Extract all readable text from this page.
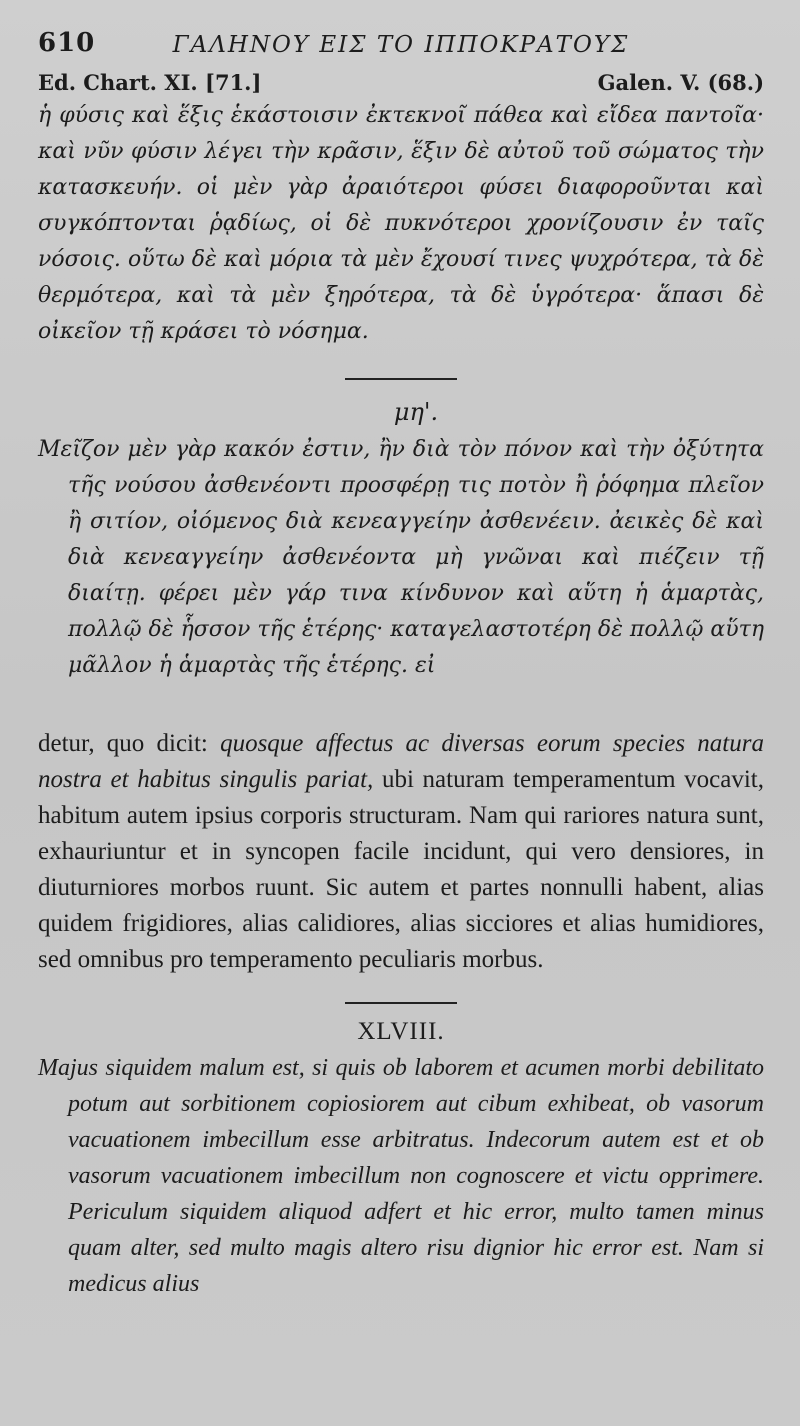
610	ΓΑΛΗΝΟΥ ΕΙΣ ΤΟ ΙΠΠΟΚΡΑΤΟΥΣ
Ed. Chart. XI. [71.]	Galen. V. (68.)

ἡ φύσις καὶ ἕξις ἑκάστοισιν ἐκτεκνοῖ πάθεα καὶ εἴδεα παντοῖα· καὶ νῦν φύσιν λέγει τὴν κρᾶσιν, ἕξιν δὲ αὐτοῦ τοῦ σώματος τὴν κατασκευήν. οἱ μὲν γὰρ ἀραιότεροι φύσει διαφοροῦνται καὶ συγκόπτονται ῥᾳδίως, οἱ δὲ πυκνότεροι χρονίζουσιν ἐν ταῖς νόσοις. οὕτω δὲ καὶ μόρια τὰ μὲν ἔχουσί τινες ψυχρότερα, τὰ δὲ θερμότερα, καὶ τὰ μὲν ξηρότερα, τὰ δὲ ὑγρότερα· ἅπασι δὲ οἰκεῖον τῇ κράσει τὸ νόσημα.

μη'.

Μεῖζον μὲν γὰρ κακόν ἐστιν, ἢν διὰ τὸν πόνον καὶ τὴν ὀξύτητα τῆς νούσου ἀσθενέοντι προσφέρῃ τις ποτὸν ἢ ῥόφημα πλεῖον ἢ σιτίον, οἰόμενος διὰ κενεαγγείην ἀσθενέειν. ἀεικὲς δὲ καὶ διὰ κενεαγγείην ἀσθενέοντα μὴ γνῶναι καὶ πιέζειν τῇ διαίτῃ. φέρει μὲν γάρ τινα κίνδυνον καὶ αὕτη ἡ ἁμαρτὰς, πολλῷ δὲ ἧσσον τῆς ἑτέρης· καταγελαστοτέρη δὲ πολλῷ αὕτη μᾶλλον ἡ ἁμαρτὰς τῆς ἑτέρης. εἰ

detur, quo dicit: quosque affectus ac diversas eorum species natura nostra et habitus singulis pariat, ubi naturam temperamentum vocavit, habitum autem ipsius corporis structuram. Nam qui rariores natura sunt, exhauriuntur et in syncopen facile incidunt, qui vero densiores, in diuturniores morbos ruunt. Sic autem et partes nonnulli habent, alias quidem frigidiores, alias calidiores, alias sicciores et alias humidiores, sed omnibus pro temperamento peculiaris morbus.

XLVIII.

Majus siquidem malum est, si quis ob laborem et acumen morbi debilitato potum aut sorbitionem copiosiorem aut cibum exhibeat, ob vasorum vacuationem imbecillum esse arbitratus. Indecorum autem est et ob vasorum vacuationem imbecillum non cognoscere et victu opprimere. Periculum siquidem aliquod adfert et hic error, multo tamen minus quam alter, sed multo magis altero risu dignior hic error est. Nam si medicus alius
